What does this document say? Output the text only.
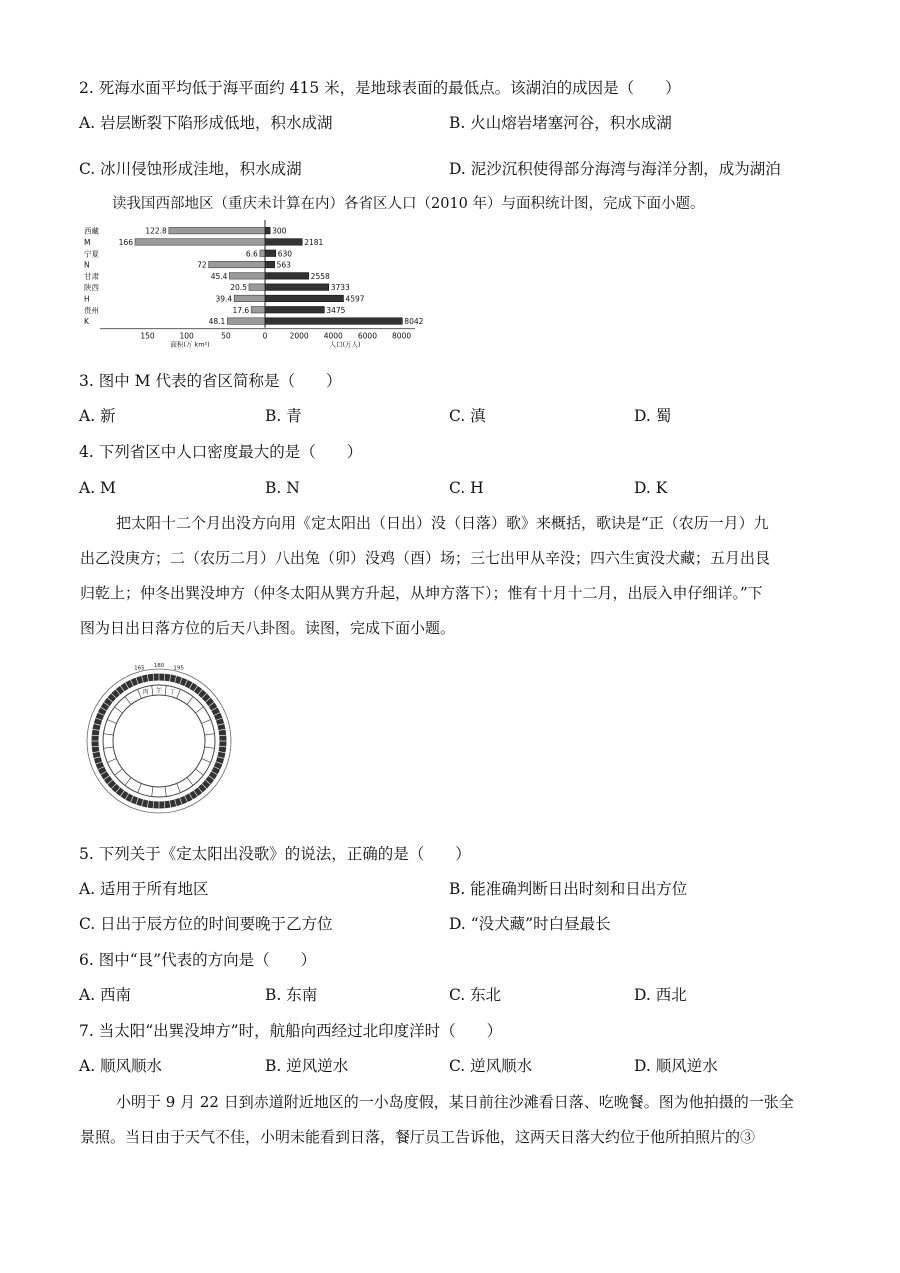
2. 死海水面平均低于海平面约 415 米，是地球表面的最低点。该湖泊的成因是（　　）
A. 岩层断裂下陷形成低地，积水成湖	B. 火山熔岩堵塞河谷，积水成湖
C. 冰川侵蚀形成洼地，积水成湖	D. 泥沙沉积使得部分海湾与海洋分割，成为湖泊
读我国西部地区（重庆未计算在内）各省区人口（2010 年）与面积统计图，完成下面小题。
西藏	122.8	300
M	166	2181
宁夏	6.6	630
N	72	563
甘肃	45.4	2558
陕西	20.5	3733
H	39.4	4597
贵州	17.6	3475
K	48.1	8042
150	100	50	0	2000 4000 6000 8000
面积(万 km²)	人口(万人)
3. 图中 M 代表的省区简称是（　　）
A. 新	B. 青	C. 滇	D. 蜀
4. 下列省区中人口密度最大的是（　　）
A. M	B. N	C. H	D. K
把太阳十二个月出没方向用《定太阳出（日出）没（日落）歌》来概括，歌诀是“正（农历一月）九
出乙没庚方；二（农历二月）八出兔（卯）没鸡（酉）场；三七出甲从辛没；四六生寅没犬藏；五月出艮
归乾上；仲冬出巽没坤方（仲冬太阳从巽方升起，从坤方落下）；惟有十月十二月，出辰入申仔细详。”下
图为日出日落方位的后天八卦图。读图，完成下面小题。
165 180 195
丙 午 丁
5. 下列关于《定太阳出没歌》的说法，正确的是（　　）
A. 适用于所有地区	B. 能准确判断日出时刻和日出方位
C. 日出于辰方位的时间要晚于乙方位	D. “没犬藏”时白昼最长
6. 图中“艮”代表的方向是（　　）
A. 西南	B. 东南	C. 东北	D. 西北
7. 当太阳“出巽没坤方”时，航船向西经过北印度洋时（　　）
A. 顺风顺水	B. 逆风逆水	C. 逆风顺水	D. 顺风逆水
小明于 9 月 22 日到赤道附近地区的一小岛度假，某日前往沙滩看日落、吃晚餐。图为他拍摄的一张全
景照。当日由于天气不佳，小明未能看到日落，餐厅员工告诉他，这两天日落大约位于他所拍照片的③
